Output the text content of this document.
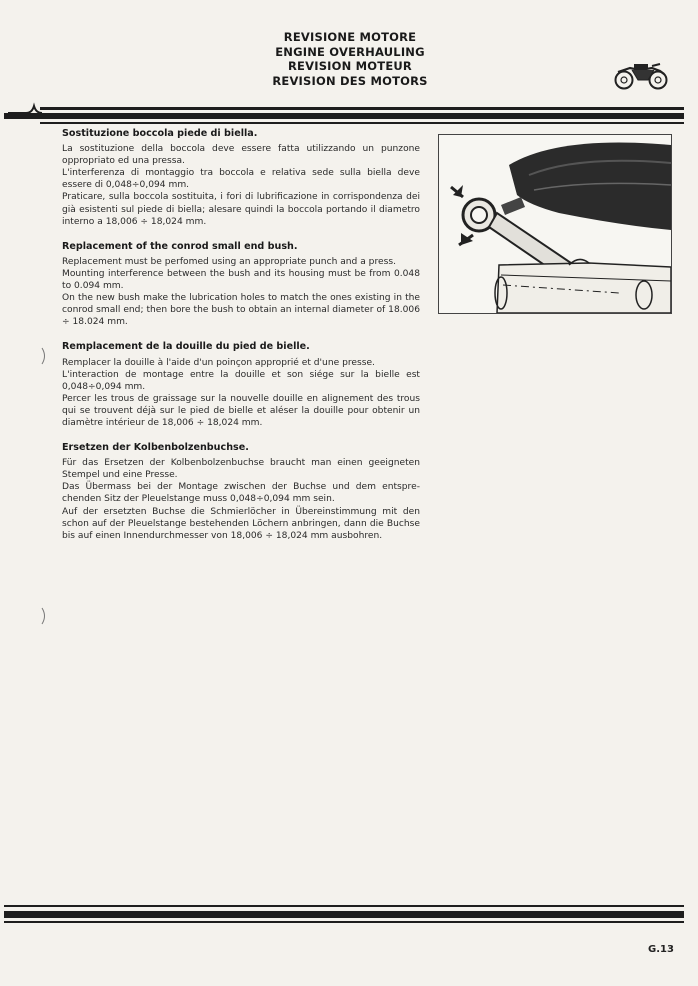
REVISIONE MOTORE
ENGINE OVERHAULING
REVISION MOTEUR
REVISION DES MOTORS
Sostituzione boccola piede di biella.

La sostituzione della boccola deve essere fatta utilizzando un punzone oppropriato ed una pressa.

L'interferenza di montaggio tra boccola e relativa sede sulla biella deve essere di 0,048÷0,094 mm.

Praticare, sulla boccola sostituita, i fori di lubrificazione in corrispondenza dei già esistenti sul piede di biella; alesare quindi la boccola portando il diametro interno a 18,006 ÷ 18,024 mm.

Replacement of the conrod small end bush.

Replacement must be perfomed using an appropriate punch and a press.

Mounting interference between the bush and its housing must be from 0.048 to 0.094 mm.

On the new bush make the lubrication holes to match the ones existing in the conrod small end; then bore the bush to obtain an internal diameter of 18.006 ÷ 18.024 mm.

Remplacement de la douille du pied de bielle.

Remplacer la douille à l'aide d'un poinçon approprié et d'une presse.

L'interaction de montage entre la douille et son siége sur la bielle est 0,048÷0,094 mm.

Percer les trous de graissage sur la nouvelle douille en alignement des trous qui se trouvent déjà sur le pied de bielle et aléser la douille pour obtenir un diamètre intérieur de 18,006 ÷ 18,024 mm.

Ersetzen der Kolbenbolzenbuchse.

Für das Ersetzen der Kolbenbolzenbuchse braucht man einen geeigneten Stempel und eine Presse.

Das Übermass bei der Montage zwischen der Buchse und dem entsprechenden Sitz der Pleuelstange muss 0,048÷0,094 mm sein.

Auf der ersetzten Buchse die Schmierlöcher in Übereinstimmung mit den schon auf der Pleuelstange bestehenden Löchern anbringen, dann die Buchse bis auf einen Innendurchmesser von 18,006 ÷ 18,024 mm ausbohren.

G.13
